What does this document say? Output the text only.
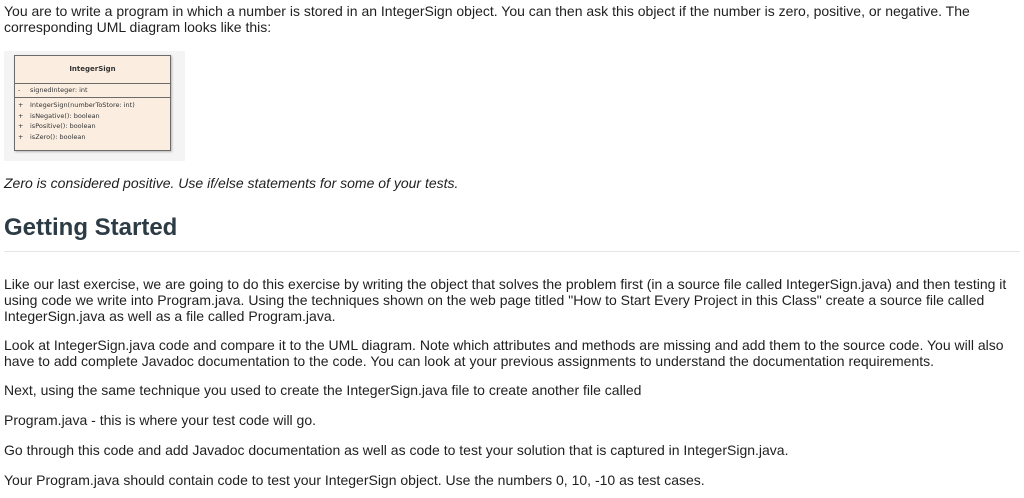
You are to write a program in which a number is stored in an IntegerSign object. You can then ask this object if the number is zero, positive, or negative. The corresponding UML diagram looks like this:

IntegerSign
- signedInteger: int
+ IntegerSign(numberToStore: int)
+ isNegative(): boolean
+ isPositive(): boolean
+ isZero(): boolean

Zero is considered positive. Use if/else statements for some of your tests.

Getting Started

Like our last exercise, we are going to do this exercise by writing the object that solves the problem first (in a source file called IntegerSign.java) and then testing it using code we write into Program.java. Using the techniques shown on the web page titled "How to Start Every Project in this Class" create a source file called IntegerSign.java as well as a file called Program.java.

Look at IntegerSign.java code and compare it to the UML diagram. Note which attributes and methods are missing and add them to the source code. You will also have to add complete Javadoc documentation to the code. You can look at your previous assignments to understand the documentation requirements.

Next, using the same technique you used to create the IntegerSign.java file to create another file called

Program.java - this is where your test code will go.

Go through this code and add Javadoc documentation as well as code to test your solution that is captured in IntegerSign.java.

Your Program.java should contain code to test your IntegerSign object. Use the numbers 0, 10, -10 as test cases.
